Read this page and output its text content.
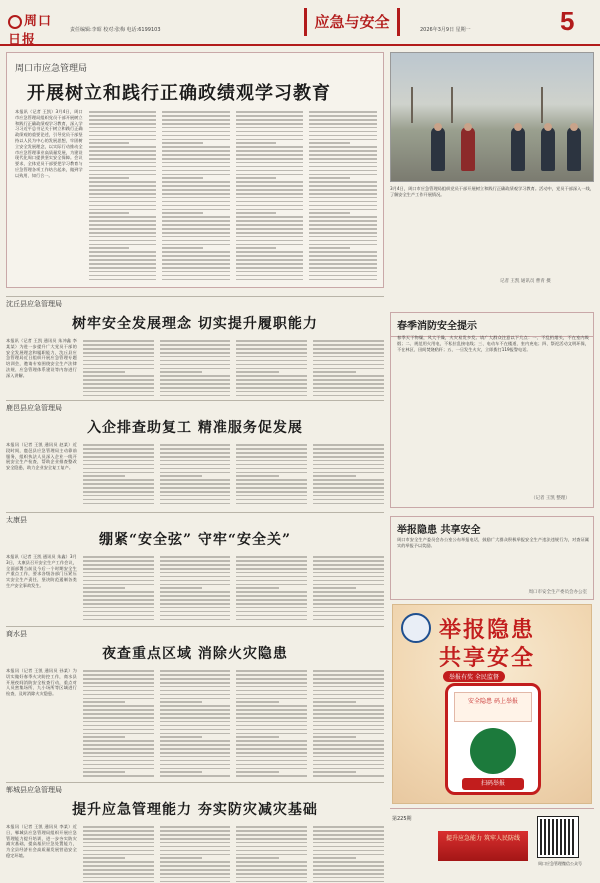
周口日报
责任编辑:李昭 校对:张梅 电话:6199103	应急与安全	2026年3月9日 星期一	5
周口市应急管理局
开展树立和践行正确政绩观学习教育
本报讯（记者 王凯）3月4日，周口市应急管理局组织党员干部开展树立和践行正确政绩观学习教育，深入学习习近平总书记关于树立和践行正确政绩观的重要论述，引导党员干部坚持以人民为中心的发展思想，牢固树立安全发展理念，以实际行动推动全市应急管理事业高质量发展，为建设现代化周口提供坚实安全保障。会议要求，全体党员干部要把学习教育与应急管理各项工作结合起来，做到学以致用、知行合一。
3月4日，周口市应急管理局组织党员干部开展树立和践行正确政绩观学习教育。活动中，党员干部深入一线，了解安全生产工作开展情况。
记者 王凯 通讯员 曹青 摄
沈丘县应急管理局
树牢安全发展理念 切实提升履职能力
本报讯（记者 王凯 通讯员 朱冲鑫 李某某）为进一步提升广大党员干部的安全发展理念和履职能力，沈丘县应急管理局近日组织开展应急管理专题培训会，邀请专家围绕安全生产法律法规、应急管理体系建设等内容进行深入讲解。
鹿邑县应急管理局
入企排查助复工 精准服务促发展
本报讯（记者 王凯 通讯员 赵某）近段时间，鹿邑县应急管理局主动靠前服务，组织执法人员深入企业一线开展安全生产检查，帮助企业排查整改安全隐患，助力企业安全复工复产。
太康县
绷紧“安全弦” 守牢“安全关”
本报讯（记者 王凯 通讯员 朱鑫）3月3日，太康县召开安全生产工作会议，全面部署当前及今后一个时期安全生产重点工作，要求各级各部门压紧压实安全生产责任，坚决防范遏制各类生产安全事故发生。
商水县
夜查重点区域 消除火灾隐患
本报讯（记者 王凯 通讯员 孙某）为切实做好春季火灾防控工作，商水县开展夜间消防安全检查行动，重点对人员密集场所、九小场所等区域进行检查，及时消除火灾隐患。
郸城县应急管理局
提升应急管理能力 夯实防灾减灾基础
本报讯（记者 王凯 通讯员 李某）近日，郸城县应急管理局组织开展应急管理能力提升培训，进一步夯实防灾减灾基础，提高基层应急处置能力，为全县经济社会高质量发展营造安全稳定环境。
春季消防安全提示
春季天干物燥，风大干燥，火灾易发多发。请广大群众注意以下几点：一、不乱扔烟头，不在室内吸烟；二、规范用火用电，不私拉乱接电线；三、电动车不在楼道、室内充电；四、祭祀活动文明环保，不在林区、田间焚烧秸秆；五、一旦发生火灾，立即拨打119报警电话。
（记者 王凯 整理）
举报隐患 共享安全
周口市安全生产委员会办公室公布举报电话，鼓励广大群众积极举报安全生产违法违规行为，对查证属实的举报予以奖励。
周口市安全生产委员会办公室
举报隐患
共享安全
举报有奖 全民监督
安全隐患 码上举报
扫码举报
第225期
提升应急能力 筑牢人民防线
周口应急管理微信公众号
